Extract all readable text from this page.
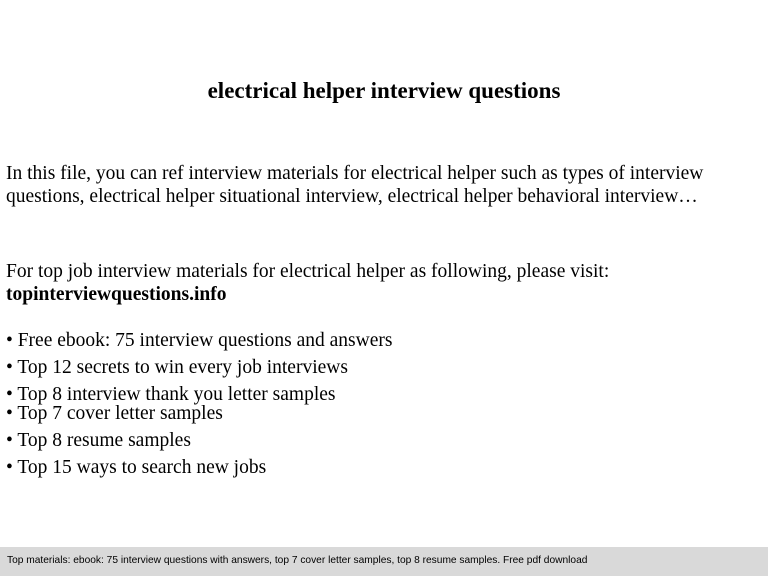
electrical helper interview questions

In this file, you can ref interview materials for electrical helper such as types of interview questions, electrical helper situational interview, electrical helper behavioral interview…

For top job interview materials for electrical helper as following, please visit:
topinterviewquestions.info

• Free ebook: 75 interview questions and answers
• Top 12 secrets to win every job interviews
• Top 8 interview thank you letter samples
• Top 7 cover letter samples
• Top 8 resume samples
• Top 15 ways to search new jobs
Top materials: ebook: 75 interview questions with answers, top 7 cover letter samples, top 8 resume samples. Free pdf download
